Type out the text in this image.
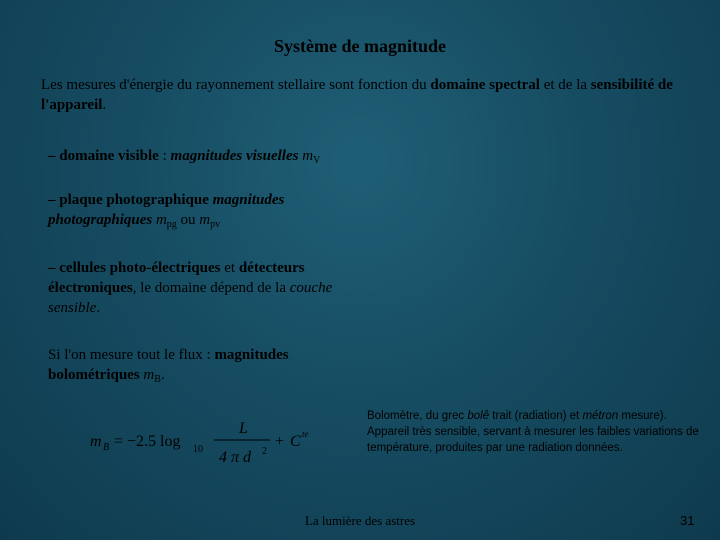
Système de magnitude
Les mesures d'énergie du rayonnement stellaire sont fonction du domaine spectral et de la sensibilité de l'appareil.
– domaine visible : magnitudes visuelles $m_V$
– plaque photographique magnitudes photographiques $m_{pg}$ ou $m_{pv}$
– cellules photo-électriques et détecteurs électroniques, le domaine dépend de la couche sensible.
Si l'on mesure tout le flux : magnitudes bolométriques $m_B$.
m B = −2.5 log 10
L
4 π d 2
+ C te
Bolomètre, du grec bolê trait (radiation) et métron mesure). Appareil très sensible, servant à mesurer les faibles variations de température, produites par une radiation données.
La lumière des astres	31
